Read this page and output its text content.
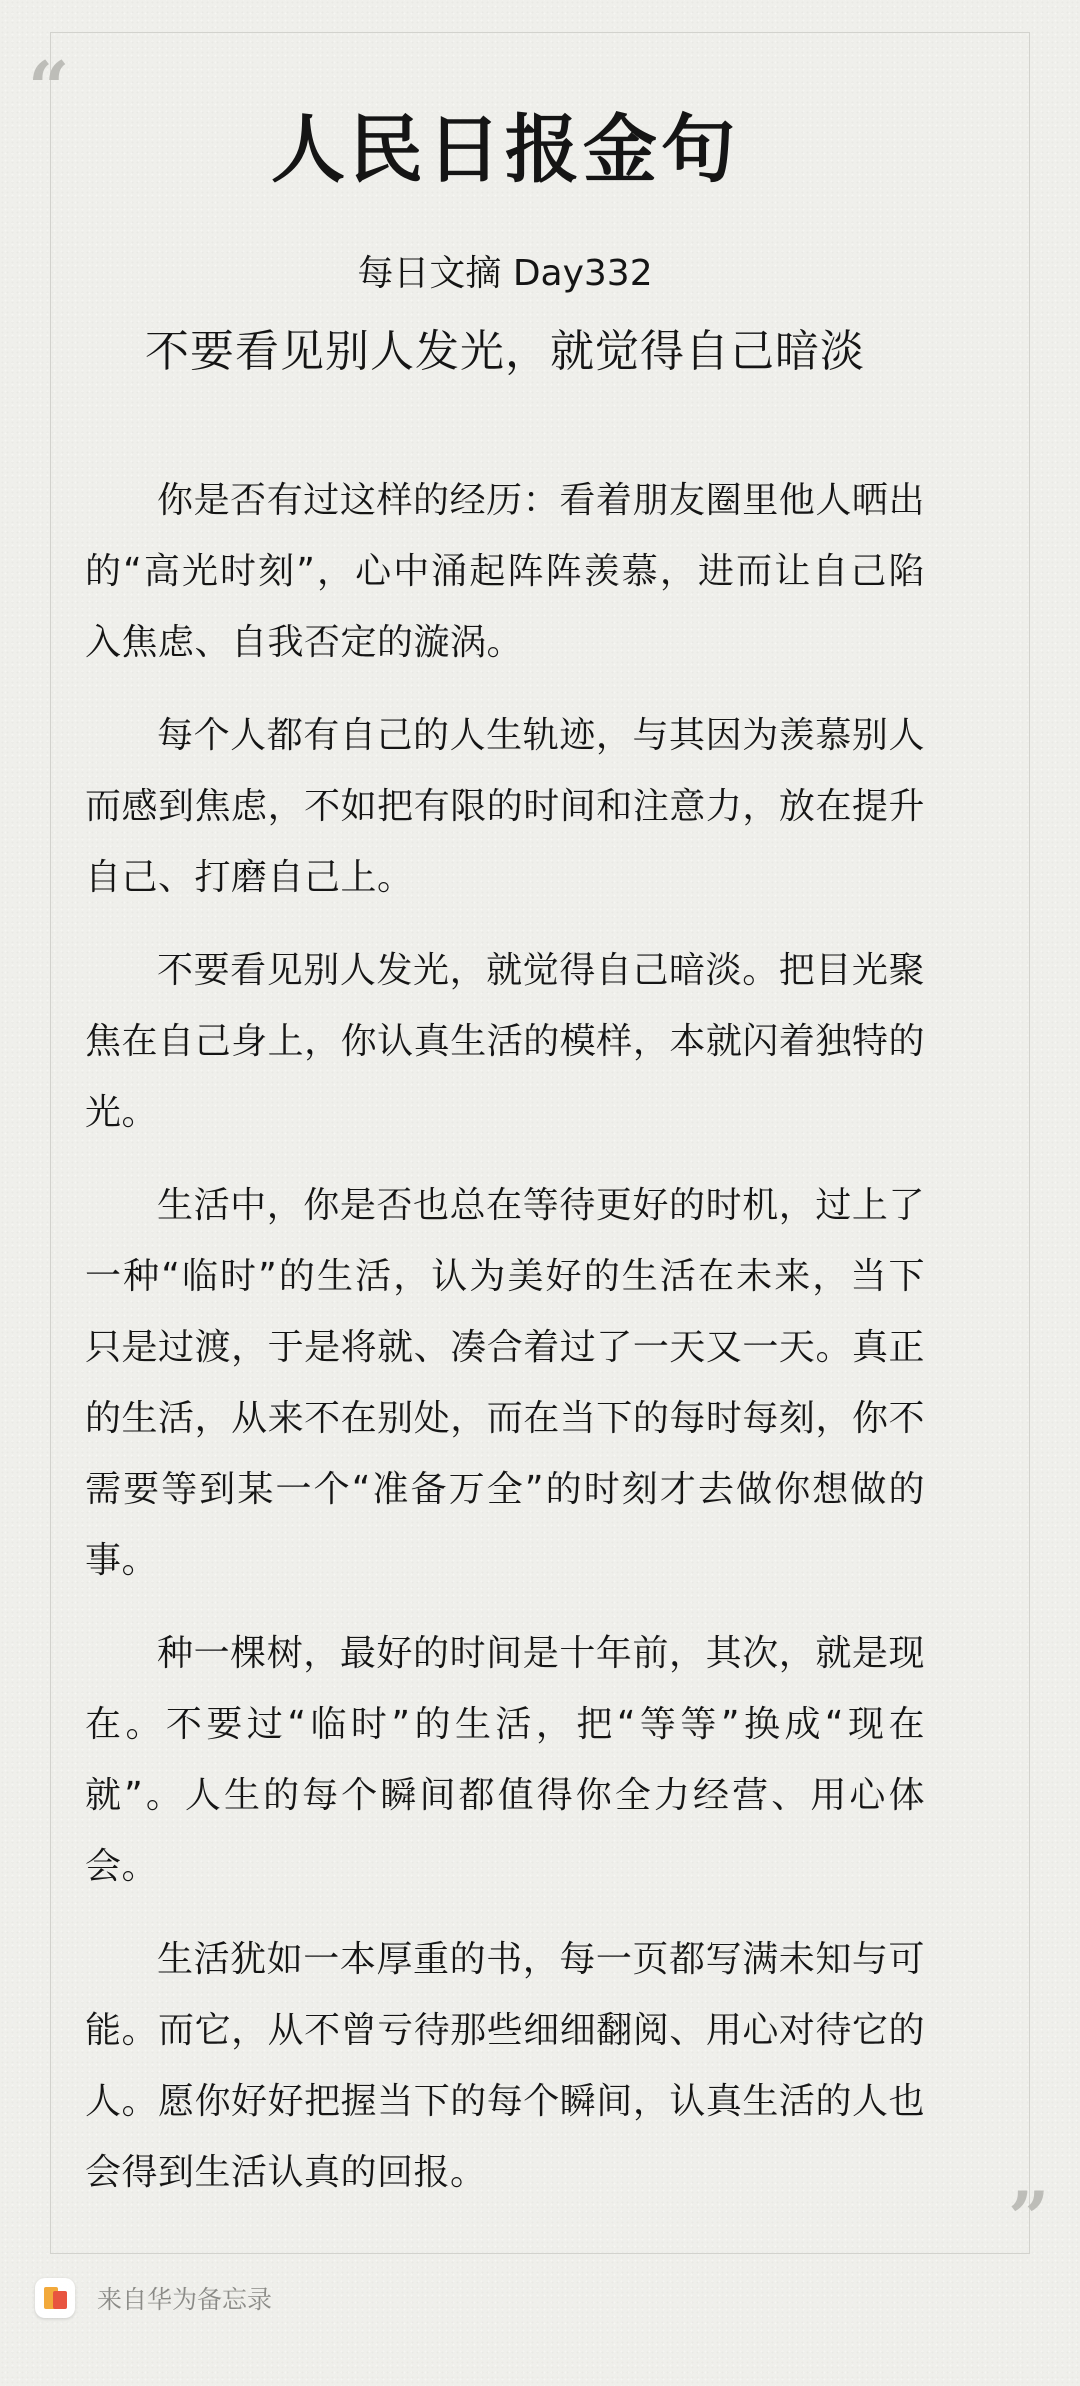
“
”
人民日报金句
每日文摘 Day332
不要看见别人发光，就觉得自己暗淡

你是否有过这样的经历：看着朋友圈里他人晒出的“高光时刻”，心中涌起阵阵羡慕，进而让自己陷入焦虑、自我否定的漩涡。

每个人都有自己的人生轨迹，与其因为羡慕别人而感到焦虑，不如把有限的时间和注意力，放在提升自己、打磨自己上。

不要看见别人发光，就觉得自己暗淡。把目光聚焦在自己身上，你认真生活的模样，本就闪着独特的光。

生活中，你是否也总在等待更好的时机，过上了一种“临时”的生活，认为美好的生活在未来，当下只是过渡，于是将就、凑合着过了一天又一天。真正的生活，从来不在别处，而在当下的每时每刻，你不需要等到某一个“准备万全”的时刻才去做你想做的事。

种一棵树，最好的时间是十年前，其次，就是现在。不要过“临时”的生活，把“等等”换成“现在就”。人生的每个瞬间都值得你全力经营、用心体会。

生活犹如一本厚重的书，每一页都写满未知与可能。而它，从不曾亏待那些细细翻阅、用心对待它的人。愿你好好把握当下的每个瞬间，认真生活的人也会得到生活认真的回报。

来自华为备忘录
